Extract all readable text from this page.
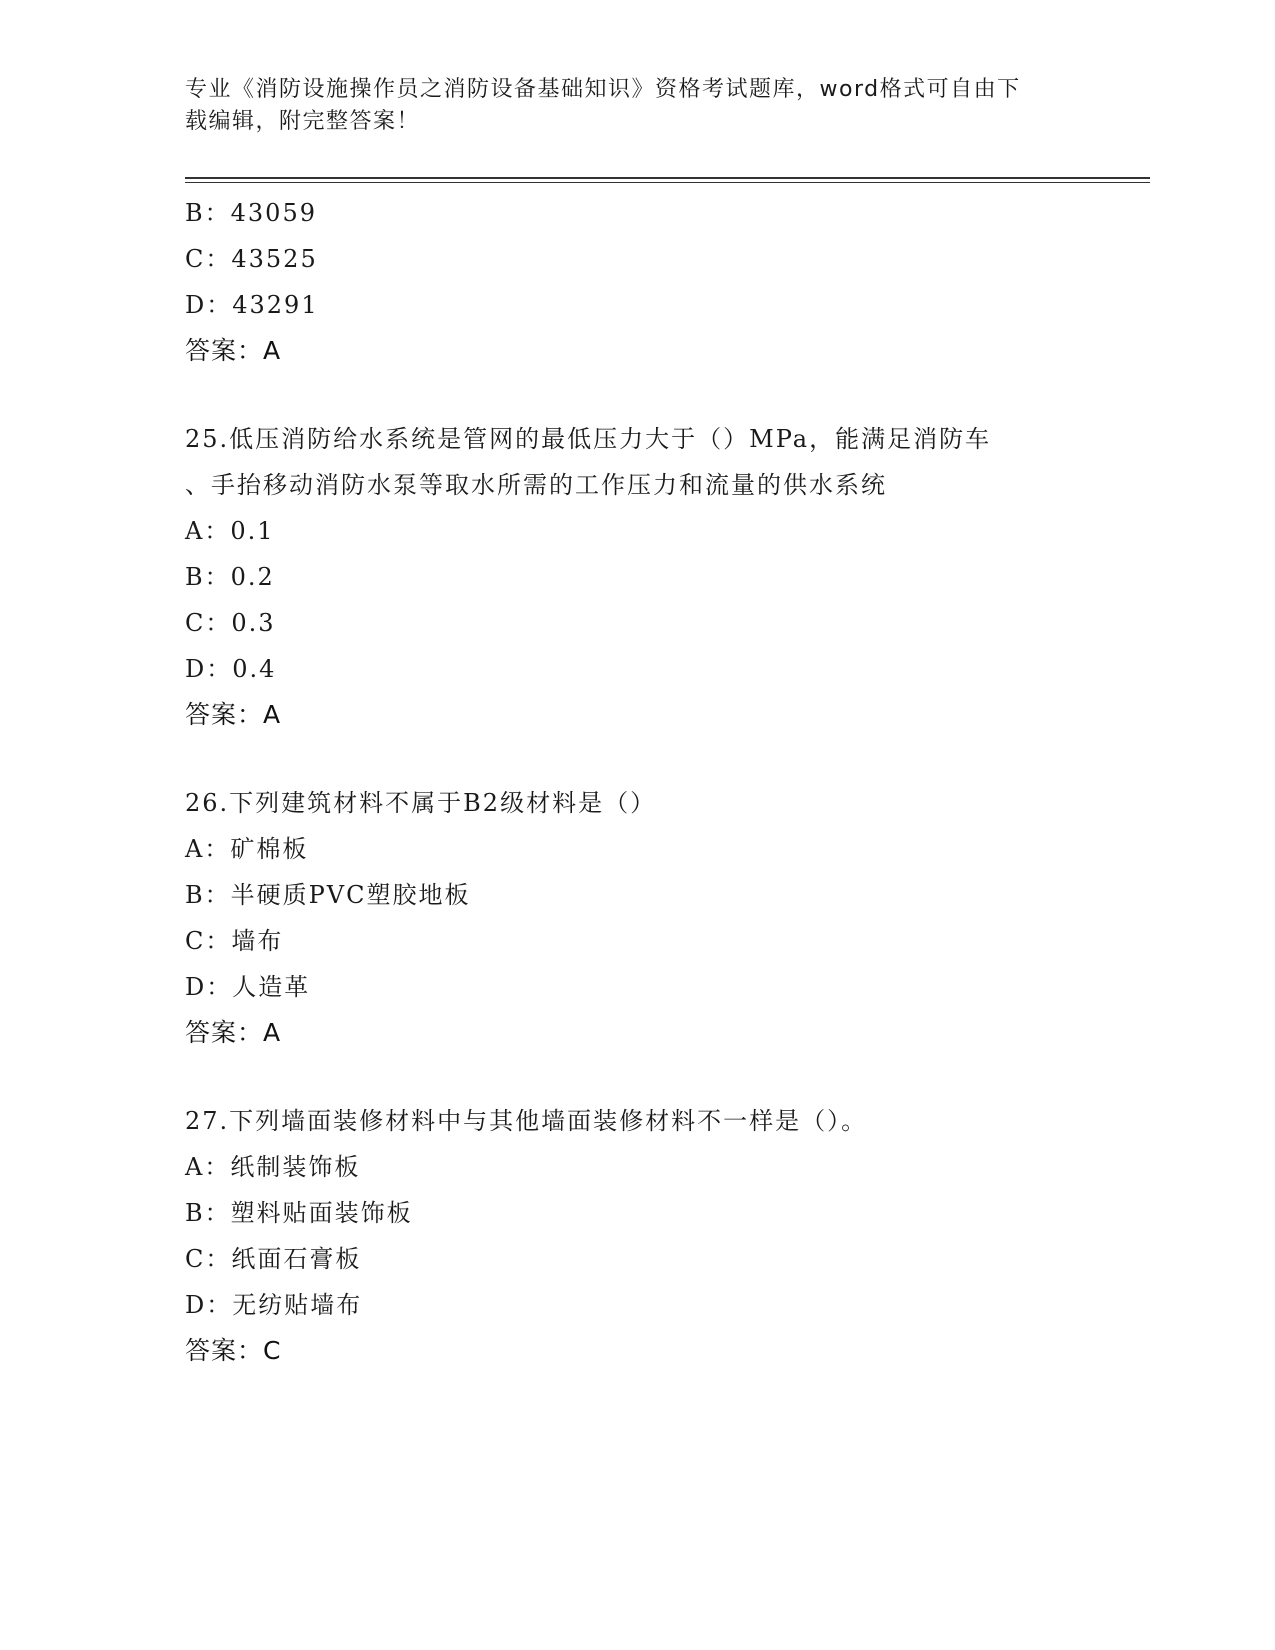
专业《消防设施操作员之消防设备基础知识》资格考试题库，word格式可自由下
载编辑，附完整答案！
B：43059
C：43525
D：43291
答案：A
25.低压消防给水系统是管网的最低压力大于（）MPa，能满足消防车
、手抬移动消防水泵等取水所需的工作压力和流量的供水系统
A：0.1
B：0.2
C：0.3
D：0.4
答案：A
26.下列建筑材料不属于B2级材料是（）
A：矿棉板
B：半硬质PVC塑胶地板
C：墙布
D：人造革
答案：A
27.下列墙面装修材料中与其他墙面装修材料不一样是（）。
A：纸制装饰板
B：塑料贴面装饰板
C：纸面石膏板
D：无纺贴墙布
答案：C
